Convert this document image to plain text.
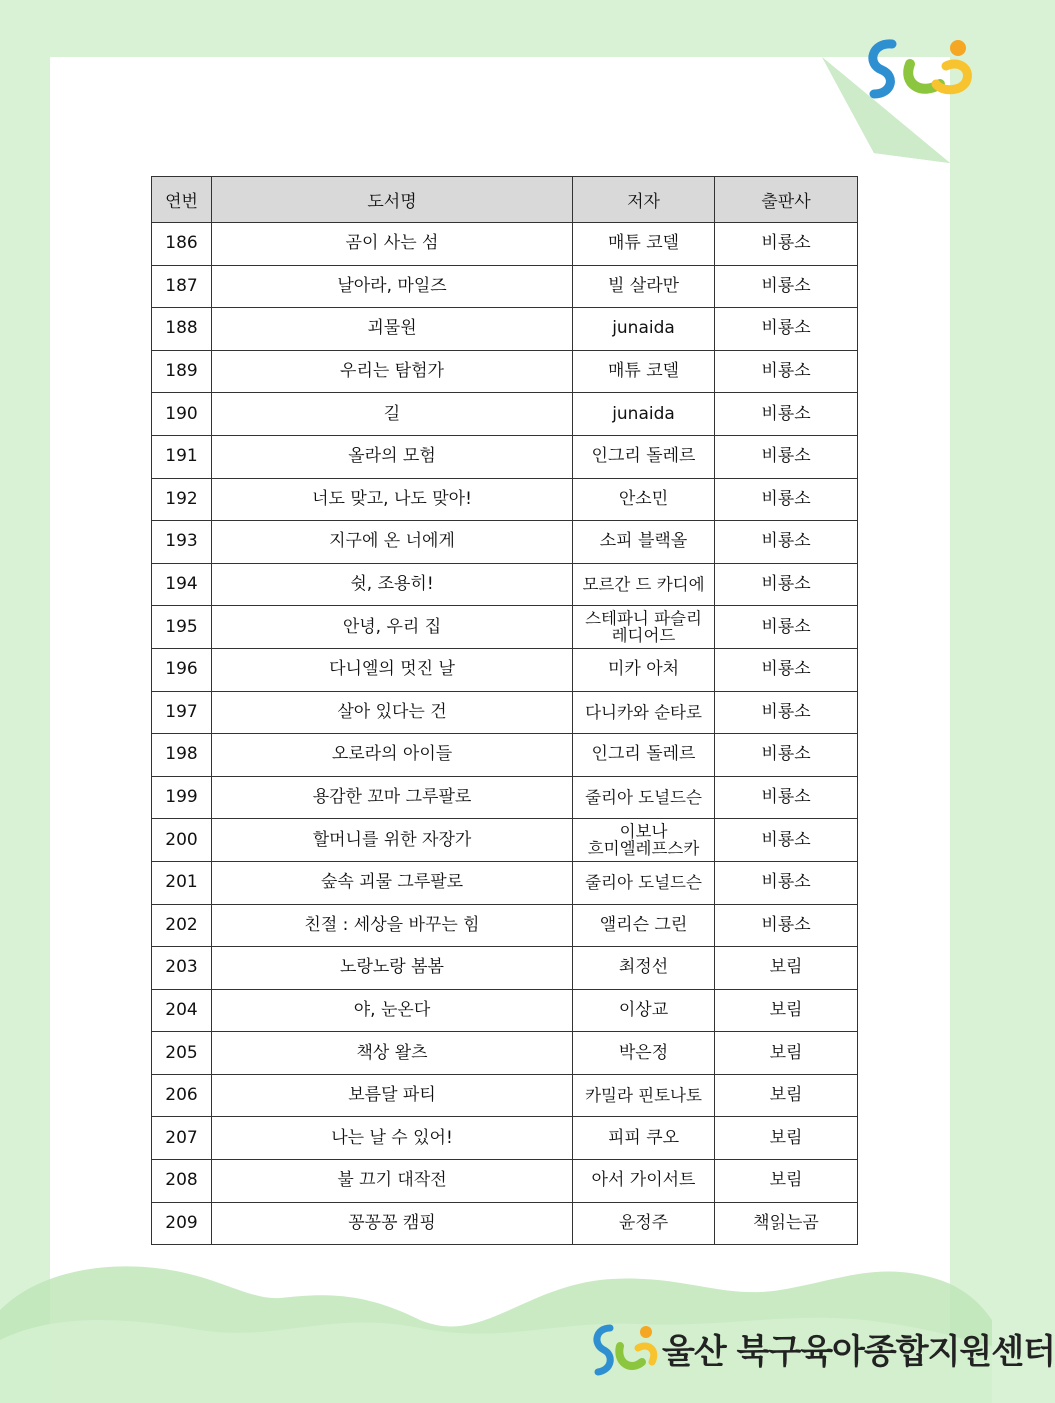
연번	도서명	저자	출판사
186	곰이 사는 섬	매튜 코델	비룡소
187	날아라, 마일즈	빌 살라만	비룡소
188	괴물원	junaida	비룡소
189	우리는 탐험가	매튜 코델	비룡소
190	길	junaida	비룡소
191	올라의 모험	인그리 돌레르	비룡소
192	너도 맞고, 나도 맞아!	안소민	비룡소
193	지구에 온 너에게	소피 블랙올	비룡소
194	쉿, 조용히!	모르간 드 카디에	비룡소
195	안녕, 우리 집	스테파니 파슬리 레디어드	비룡소
196	다니엘의 멋진 날	미카 아처	비룡소
197	살아 있다는 건	다니카와 순타로	비룡소
198	오로라의 아이들	인그리 돌레르	비룡소
199	용감한 꼬마 그루팔로	줄리아 도널드슨	비룡소
200	할머니를 위한 자장가	이보나 흐미엘레프스카	비룡소
201	숲속 괴물 그루팔로	줄리아 도널드슨	비룡소
202	친절 : 세상을 바꾸는 힘	앨리슨 그린	비룡소
203	노랑노랑 봄봄	최정선	보림
204	야, 눈온다	이상교	보림
205	책상 왈츠	박은정	보림
206	보름달 파티	카밀라 핀토나토	보림
207	나는 날 수 있어!	피피 쿠오	보림
208	불 끄기 대작전	아서 가이서트	보림
209	꽁꽁꽁 캠핑	윤정주	책읽는곰
울산 북구육아종합지원센터
